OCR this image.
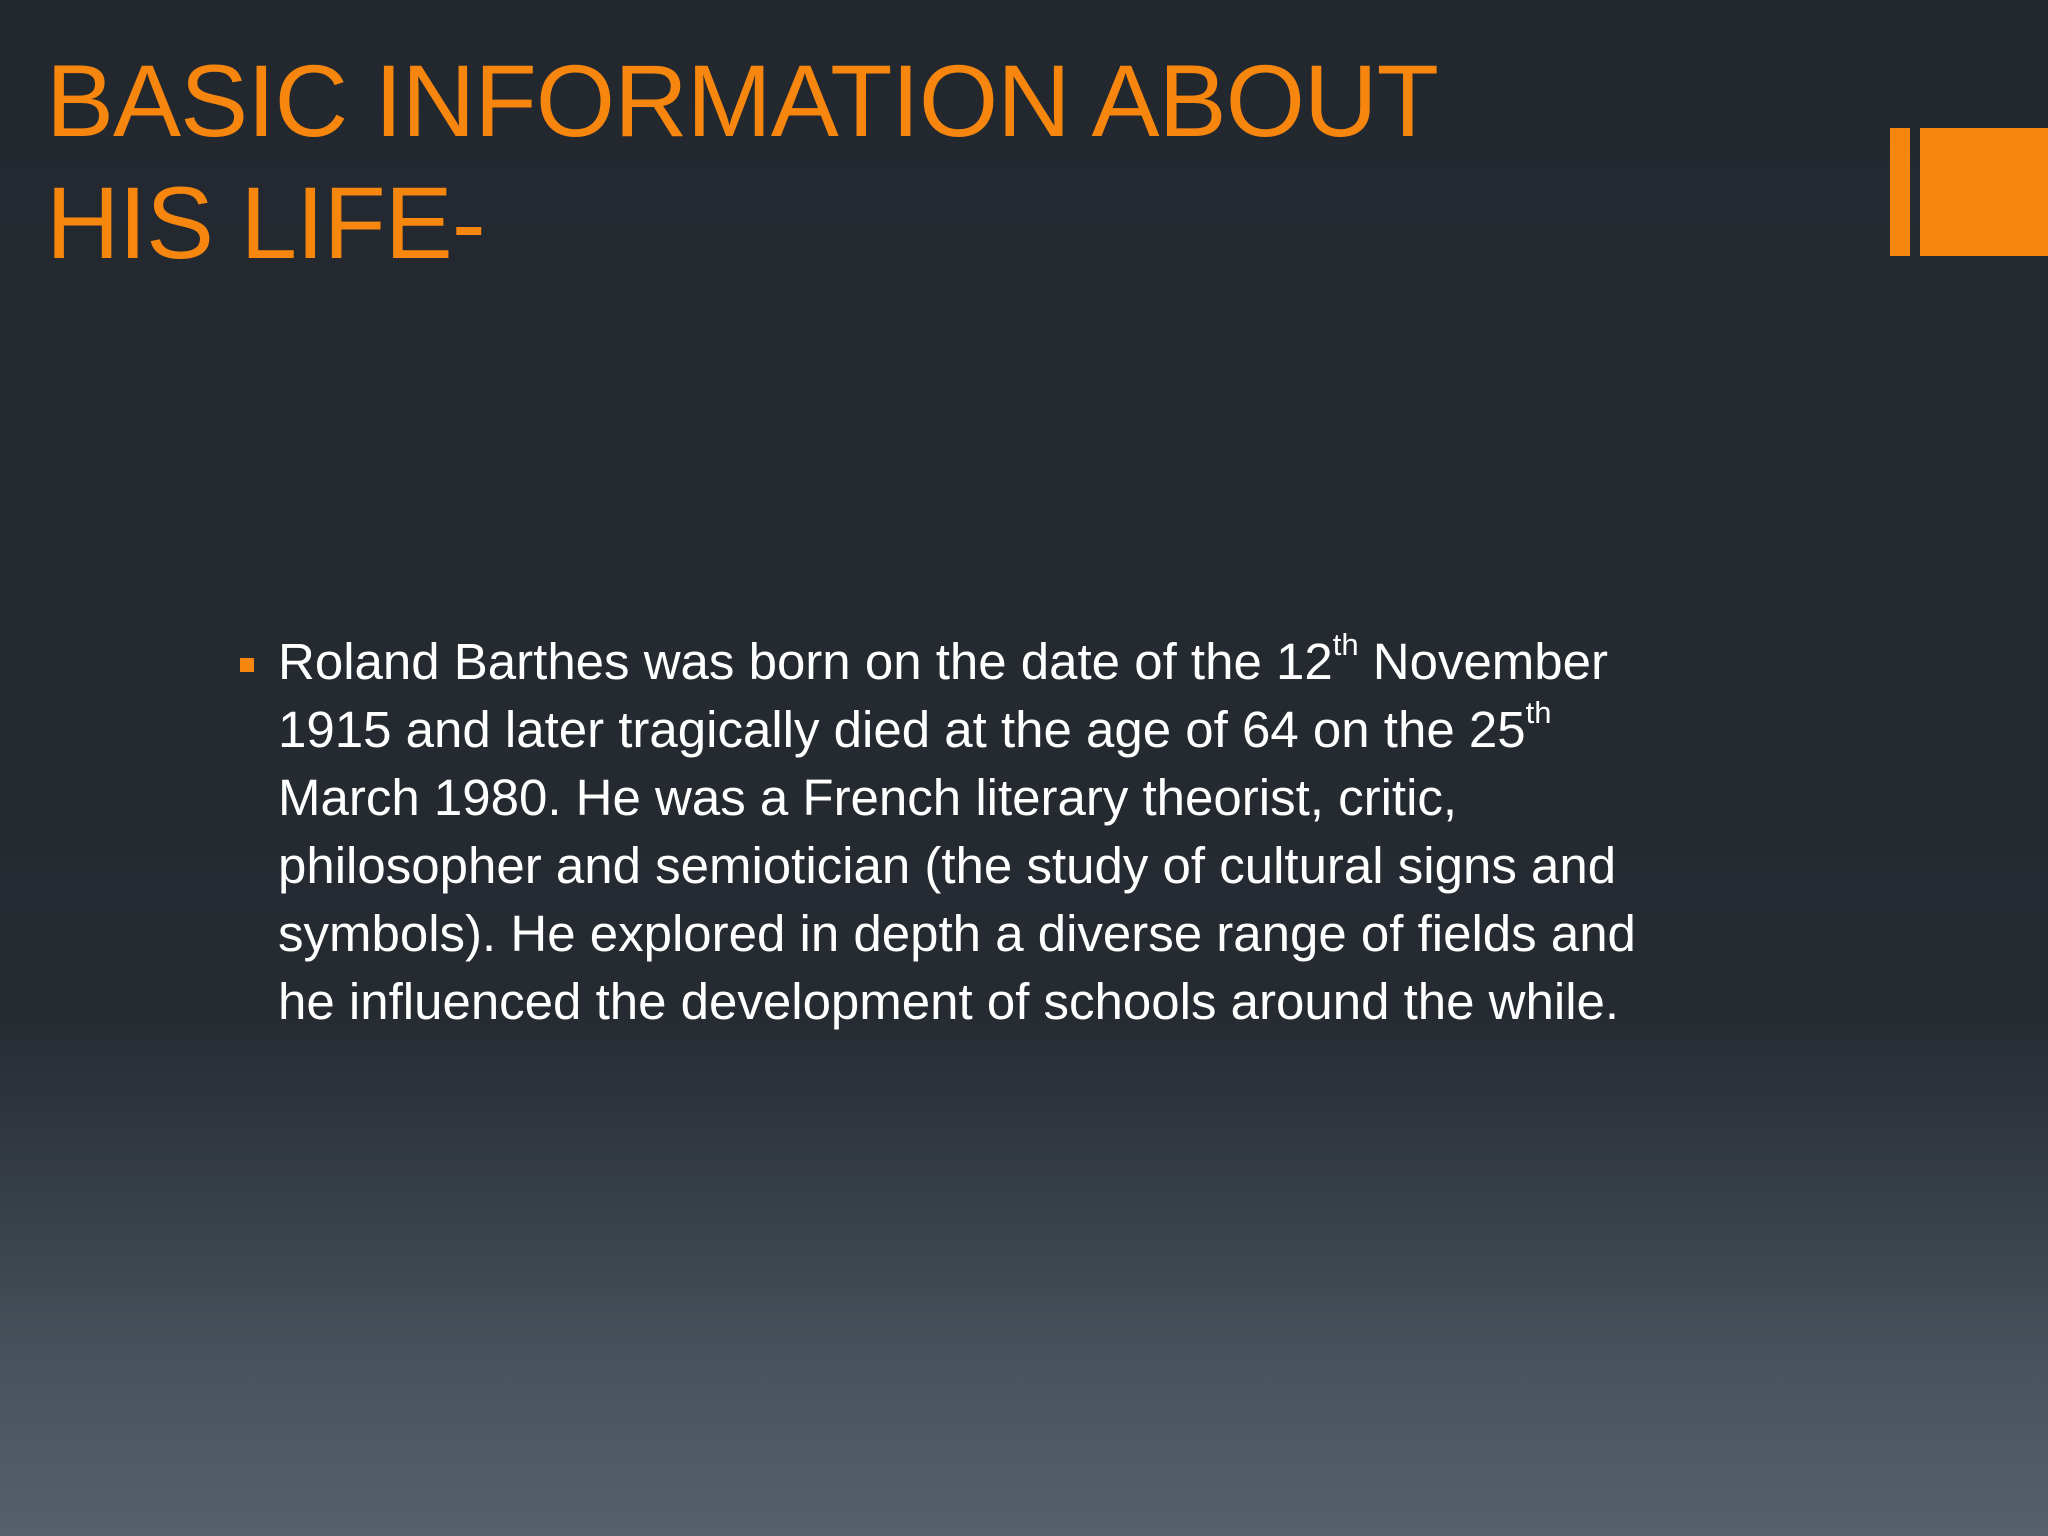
BASIC INFORMATION ABOUT
HIS LIFE-
Roland Barthes was born on the date of the 12th November
1915 and later tragically died at the age of 64 on the 25th
March 1980. He was a French literary theorist, critic,
philosopher and semiotician (the study of cultural signs and
symbols). He explored in depth a diverse range of fields and
he influenced the development of schools around the while.
